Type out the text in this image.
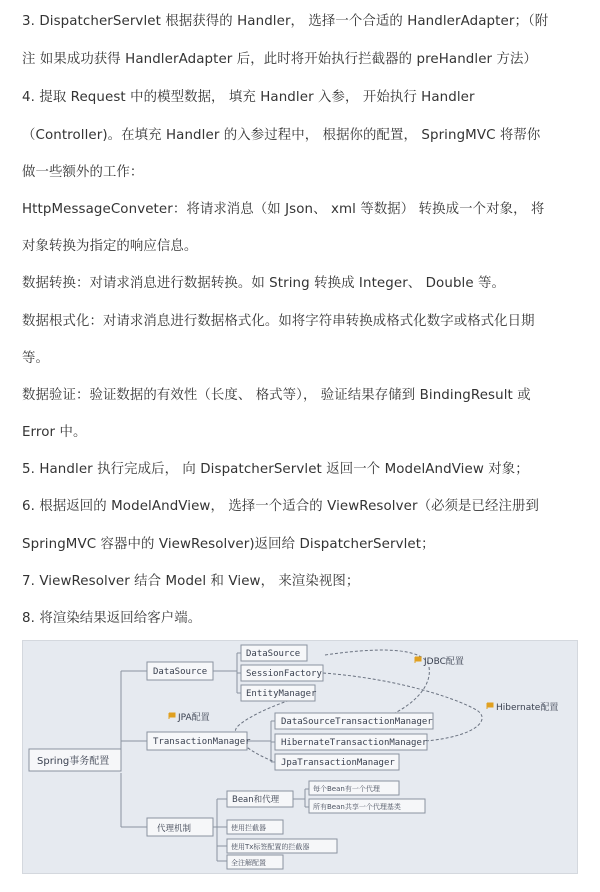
3. DispatcherServlet 根据获得的 Handler， 选择一个合适的 HandlerAdapter；（附
注 如果成功获得 HandlerAdapter 后，此时将开始执行拦截器的 preHandler 方法）
4. 提取 Request 中的模型数据， 填充 Handler 入参， 开始执行 Handler
（Controller)。在填充 Handler 的入参过程中， 根据你的配置， SpringMVC 将帮你
做一些额外的工作：
HttpMessageConveter：将请求消息（如 Json、 xml 等数据） 转换成一个对象， 将
对象转换为指定的响应信息。
数据转换：对请求消息进行数据转换。如 String 转换成 Integer、 Double 等。
数据根式化：对请求消息进行数据格式化。如将字符串转换成格式化数字或格式化日期
等。
数据验证：验证数据的有效性（长度、 格式等）， 验证结果存储到 BindingResult 或
Error 中。
5. Handler 执行完成后， 向 DispatcherServlet 返回一个 ModelAndView 对象；
6. 根据返回的 ModelAndView， 选择一个适合的 ViewResolver（必须是已经注册到
SpringMVC 容器中的 ViewResolver)返回给 DispatcherServlet；
7. ViewResolver 结合 Model 和 View， 来渲染视图；
8. 将渲染结果返回给客户端。
Spring事务配置
DataSource
TransactionManager
代理机制
DataSource
SessionFactory
EntityManager
DataSourceTransactionManager
HibernateTransactionManager
JpaTransactionManager
Bean和代理
每个Bean有一个代理
所有Bean共享一个代理基类
使用拦截器
使用Tx标签配置的拦截器
全注解配置
JDBC配置
JPA配置
Hibernate配置
